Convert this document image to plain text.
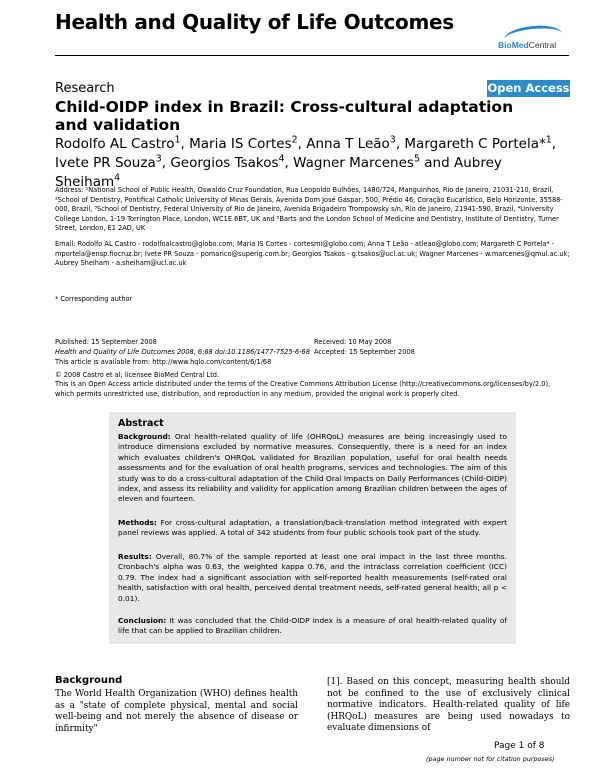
Health and Quality of Life Outcomes
BioMedCentral
Research	Open Access
Child-OIDP index in Brazil: Cross-cultural adaptation and validation
Rodolfo AL Castro$^1$, Maria IS Cortes$^2$, Anna T Leão$^3$, Margareth C Portela*$^1$, Ivete PR Souza$^3$, Georgios Tsakos$^4$, Wagner Marcenes$^5$ and Aubrey Sheiham$^4$
Address: ¹National School of Public Health, Oswaldo Cruz Foundation, Rua Leopoldo Bulhões, 1480/724, Manguinhos, Rio de Janeiro, 21031-210, Brazil, ²School of Dentistry, Pontifical Catholic University of Minas Gerais, Avenida Dom José Gaspar, 500, Prédio 46, Coração Eucarístico, Belo Horizonte, 35588-000, Brazil, ³School of Dentistry, Federal University of Rio de Janeiro, Avenida Brigadeiro Trompowsky s/n, Rio de Janeiro, 21941-590, Brazil, ⁴University College London, 1-19 Torrington Place, London, WC1E 6BT, UK and ⁵Barts and the London School of Medicine and Dentistry, Institute of Dentistry, Turner Street, London, E1 2AD, UK
Email: Rodolfo AL Castro - rodolfoalcastro@globo.com; Maria IS Cortes - cortesmi@globo.com; Anna T Leão - atleao@globo.com; Margareth C Portela* - mportela@ensp.fiocruz.br; Ivete PR Souza - pomarico@superig.com.br; Georgios Tsakos - g.tsakos@ucl.ac.uk; Wagner Marcenes - w.marcenes@qmul.ac.uk; Aubrey Sheiham - a.sheiham@ucl.ac.uk
* Corresponding author
Published: 15 September 2008
Health and Quality of Life Outcomes 2008, 6:68 doi:10.1186/1477-7525-6-68
This article is available from: http://www.hqlo.com/content/6/1/68
© 2008 Castro et al; licensee BioMed Central Ltd.
This is an Open Access article distributed under the terms of the Creative Commons Attribution License (http://creativecommons.org/licenses/by/2.0), which permits unrestricted use, distribution, and reproduction in any medium, provided the original work is properly cited.
Received: 10 May 2008
Accepted: 15 September 2008
Abstract
Background: Oral health-related quality of life (OHRQoL) measures are being increasingly used to introduce dimensions excluded by normative measures. Consequently, there is a need for an index which evaluates children's OHRQoL validated for Brazilian population, useful for oral health needs assessments and for the evaluation of oral health programs, services and technologies. The aim of this study was to do a cross-cultural adaptation of the Child Oral Impacts on Daily Performances (Child-OIDP) index, and assess its reliability and validity for application among Brazilian children between the ages of eleven and fourteen.
Methods: For cross-cultural adaptation, a translation/back-translation method integrated with expert panel reviews was applied. A total of 342 students from four public schools took part of the study.
Results: Overall, 80.7% of the sample reported at least one oral impact in the last three months. Cronbach's alpha was 0.63, the weighted kappa 0.76, and the intraclass correlation coefficient (ICC) 0.79. The index had a significant association with self-reported health measurements (self-rated oral health, satisfaction with oral health, perceived dental treatment needs, self-rated general health; all p < 0.01).
Conclusion: It was concluded that the Child-OIDP index is a measure of oral health-related quality of life that can be applied to Brazilian children.
Background
The World Health Organization (WHO) defines health as a "state of complete physical, mental and social well-being and not merely the absence of disease or infirmity"
[1]. Based on this concept, measuring health should not be confined to the use of exclusively clinical normative indicators. Health-related quality of life (HRQoL) measures are being used nowadays to evaluate dimensions of
Page 1 of 8
(page number not for citation purposes)
